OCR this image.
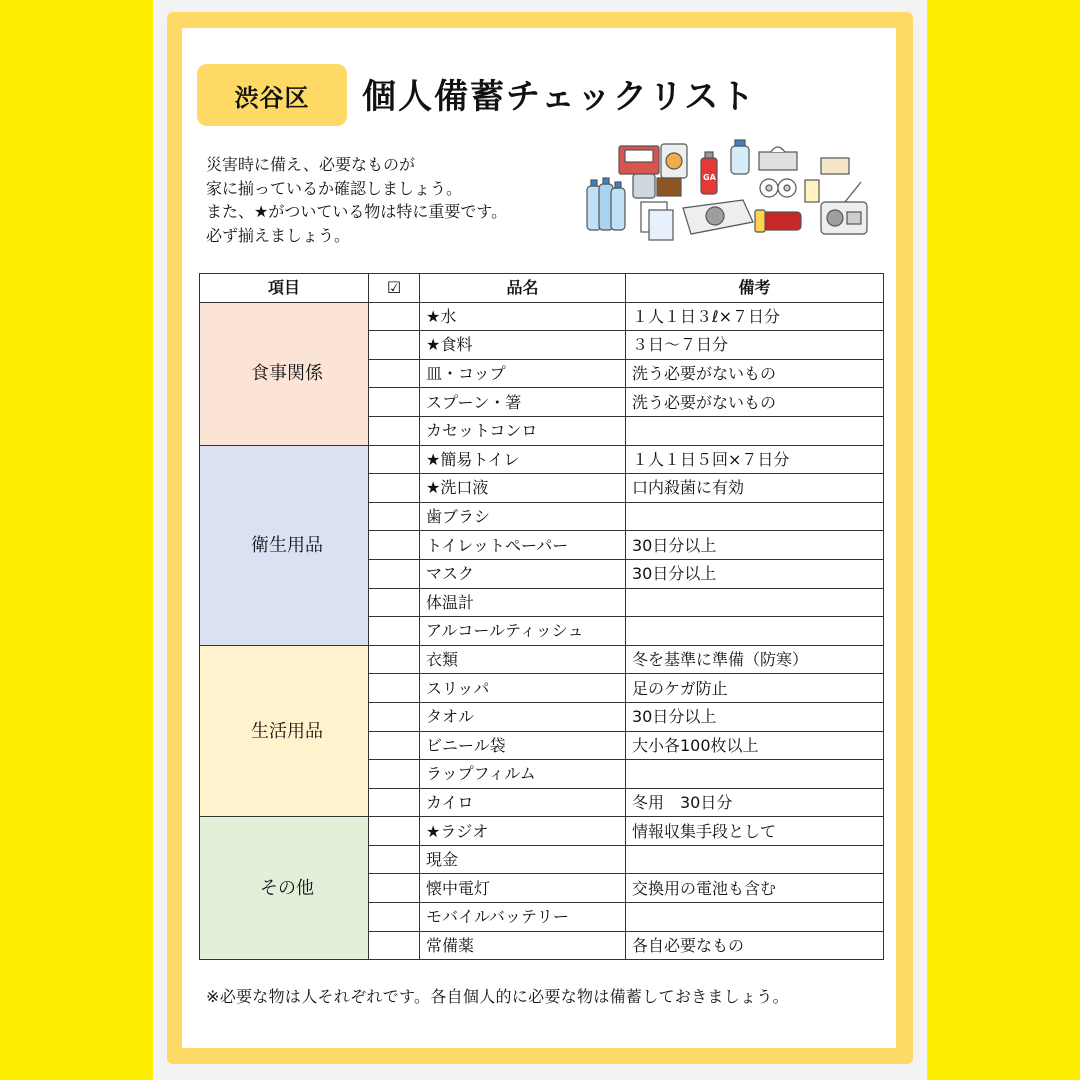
渋谷区 個人備蓄チェックリスト
災害時に備え、必要なものが
家に揃っているか確認しましょう。
また、★がついている物は特に重要です。
必ず揃えましょう。
GA
項目	☑	品名	備考
食事関係		★水	１人１日３ℓ×７日分
		★食料	３日〜７日分
		皿・コップ	洗う必要がないもの
		スプーン・箸	洗う必要がないもの
		カセットコンロ	
衛生用品		★簡易トイレ	１人１日５回×７日分
		★洗口液	口内殺菌に有効
		歯ブラシ	
		トイレットペーパー	30日分以上
		マスク	30日分以上
		体温計	
		アルコールティッシュ	
生活用品		衣類	冬を基準に準備（防寒）
		スリッパ	足のケガ防止
		タオル	30日分以上
		ビニール袋	大小各100枚以上
		ラップフィルム	
		カイロ	冬用　30日分
その他		★ラジオ	情報収集手段として
		現金	
		懐中電灯	交換用の電池も含む
		モバイルバッテリー	
		常備薬	各自必要なもの
※必要な物は人それぞれです。各自個人的に必要な物は備蓄しておきましょう。
